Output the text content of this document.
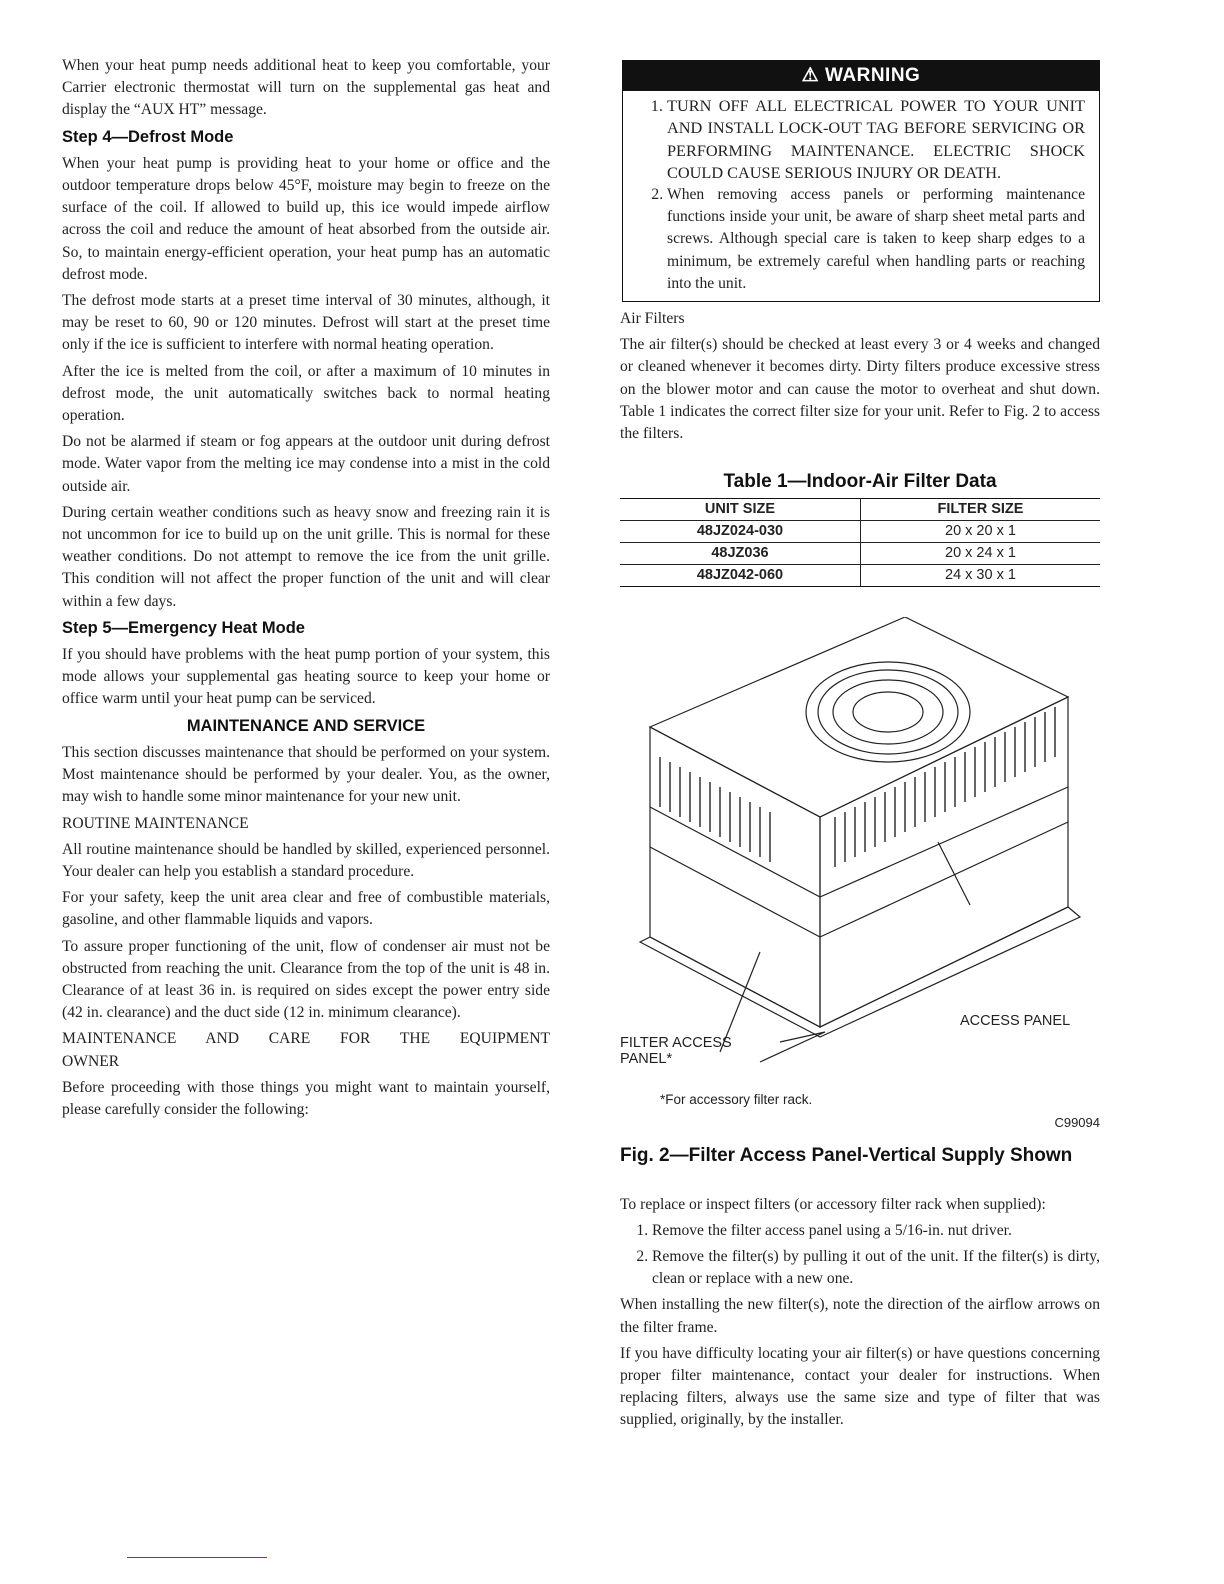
When your heat pump needs additional heat to keep you comfortable, your Carrier electronic thermostat will turn on the supplemental gas heat and display the “AUX HT” message.

Step 4—Defrost Mode

When your heat pump is providing heat to your home or office and the outdoor temperature drops below 45°F, moisture may begin to freeze on the surface of the coil. If allowed to build up, this ice would impede airflow across the coil and reduce the amount of heat absorbed from the outside air. So, to maintain energy-efficient operation, your heat pump has an automatic defrost mode.

The defrost mode starts at a preset time interval of 30 minutes, although, it may be reset to 60, 90 or 120 minutes. Defrost will start at the preset time only if the ice is sufficient to interfere with normal heating operation.

After the ice is melted from the coil, or after a maximum of 10 minutes in defrost mode, the unit automatically switches back to normal heating operation.

Do not be alarmed if steam or fog appears at the outdoor unit during defrost mode. Water vapor from the melting ice may condense into a mist in the cold outside air.

During certain weather conditions such as heavy snow and freezing rain it is not uncommon for ice to build up on the unit grille. This is normal for these weather conditions. Do not attempt to remove the ice from the unit grille. This condition will not affect the proper function of the unit and will clear within a few days.

Step 5—Emergency Heat Mode

If you should have problems with the heat pump portion of your system, this mode allows your supplemental gas heating source to keep your home or office warm until your heat pump can be serviced.

MAINTENANCE AND SERVICE

This section discusses maintenance that should be performed on your system. Most maintenance should be performed by your dealer. You, as the owner, may wish to handle some minor maintenance for your new unit.

ROUTINE MAINTENANCE

All routine maintenance should be handled by skilled, experienced personnel. Your dealer can help you establish a standard procedure.

For your safety, keep the unit area clear and free of combustible materials, gasoline, and other flammable liquids and vapors.

To assure proper functioning of the unit, flow of condenser air must not be obstructed from reaching the unit. Clearance from the top of the unit is 48 in. Clearance of at least 36 in. is required on sides except the power entry side (42 in. clearance) and the duct side (12 in. minimum clearance).

MAINTENANCE AND CARE FOR THE EQUIPMENT OWNER

Before proceeding with those things you might want to maintain yourself, please carefully consider the following:

⚠ WARNING
1. TURN OFF ALL ELECTRICAL POWER TO YOUR UNIT AND INSTALL LOCK-OUT TAG BEFORE SERVICING OR PERFORMING MAINTENANCE. ELECTRIC SHOCK COULD CAUSE SERIOUS INJURY OR DEATH.
2. When removing access panels or performing maintenance functions inside your unit, be aware of sharp sheet metal parts and screws. Although special care is taken to keep sharp edges to a minimum, be extremely careful when handling parts or reaching into the unit.

Air Filters

The air filter(s) should be checked at least every 3 or 4 weeks and changed or cleaned whenever it becomes dirty. Dirty filters produce excessive stress on the blower motor and can cause the motor to overheat and shut down. Table 1 indicates the correct filter size for your unit. Refer to Fig. 2 to access the filters.

Table 1—Indoor-Air Filter Data
UNIT SIZE	FILTER SIZE
48JZ024-030	20 x 20 x 1
48JZ036	20 x 24 x 1
48JZ042-060	24 x 30 x 1
FILTER ACCESS
PANEL*
ACCESS PANEL
*For accessory filter rack.
C99094
Fig. 2—Filter Access Panel-Vertical Supply Shown

To replace or inspect filters (or accessory filter rack when supplied):

1. Remove the filter access panel using a 5/16-in. nut driver.
2. Remove the filter(s) by pulling it out of the unit. If the filter(s) is dirty, clean or replace with a new one.

When installing the new filter(s), note the direction of the airflow arrows on the filter frame.

If you have difficulty locating your air filter(s) or have questions concerning proper filter maintenance, contact your dealer for instructions. When replacing filters, always use the same size and type of filter that was supplied, originally, by the installer.
